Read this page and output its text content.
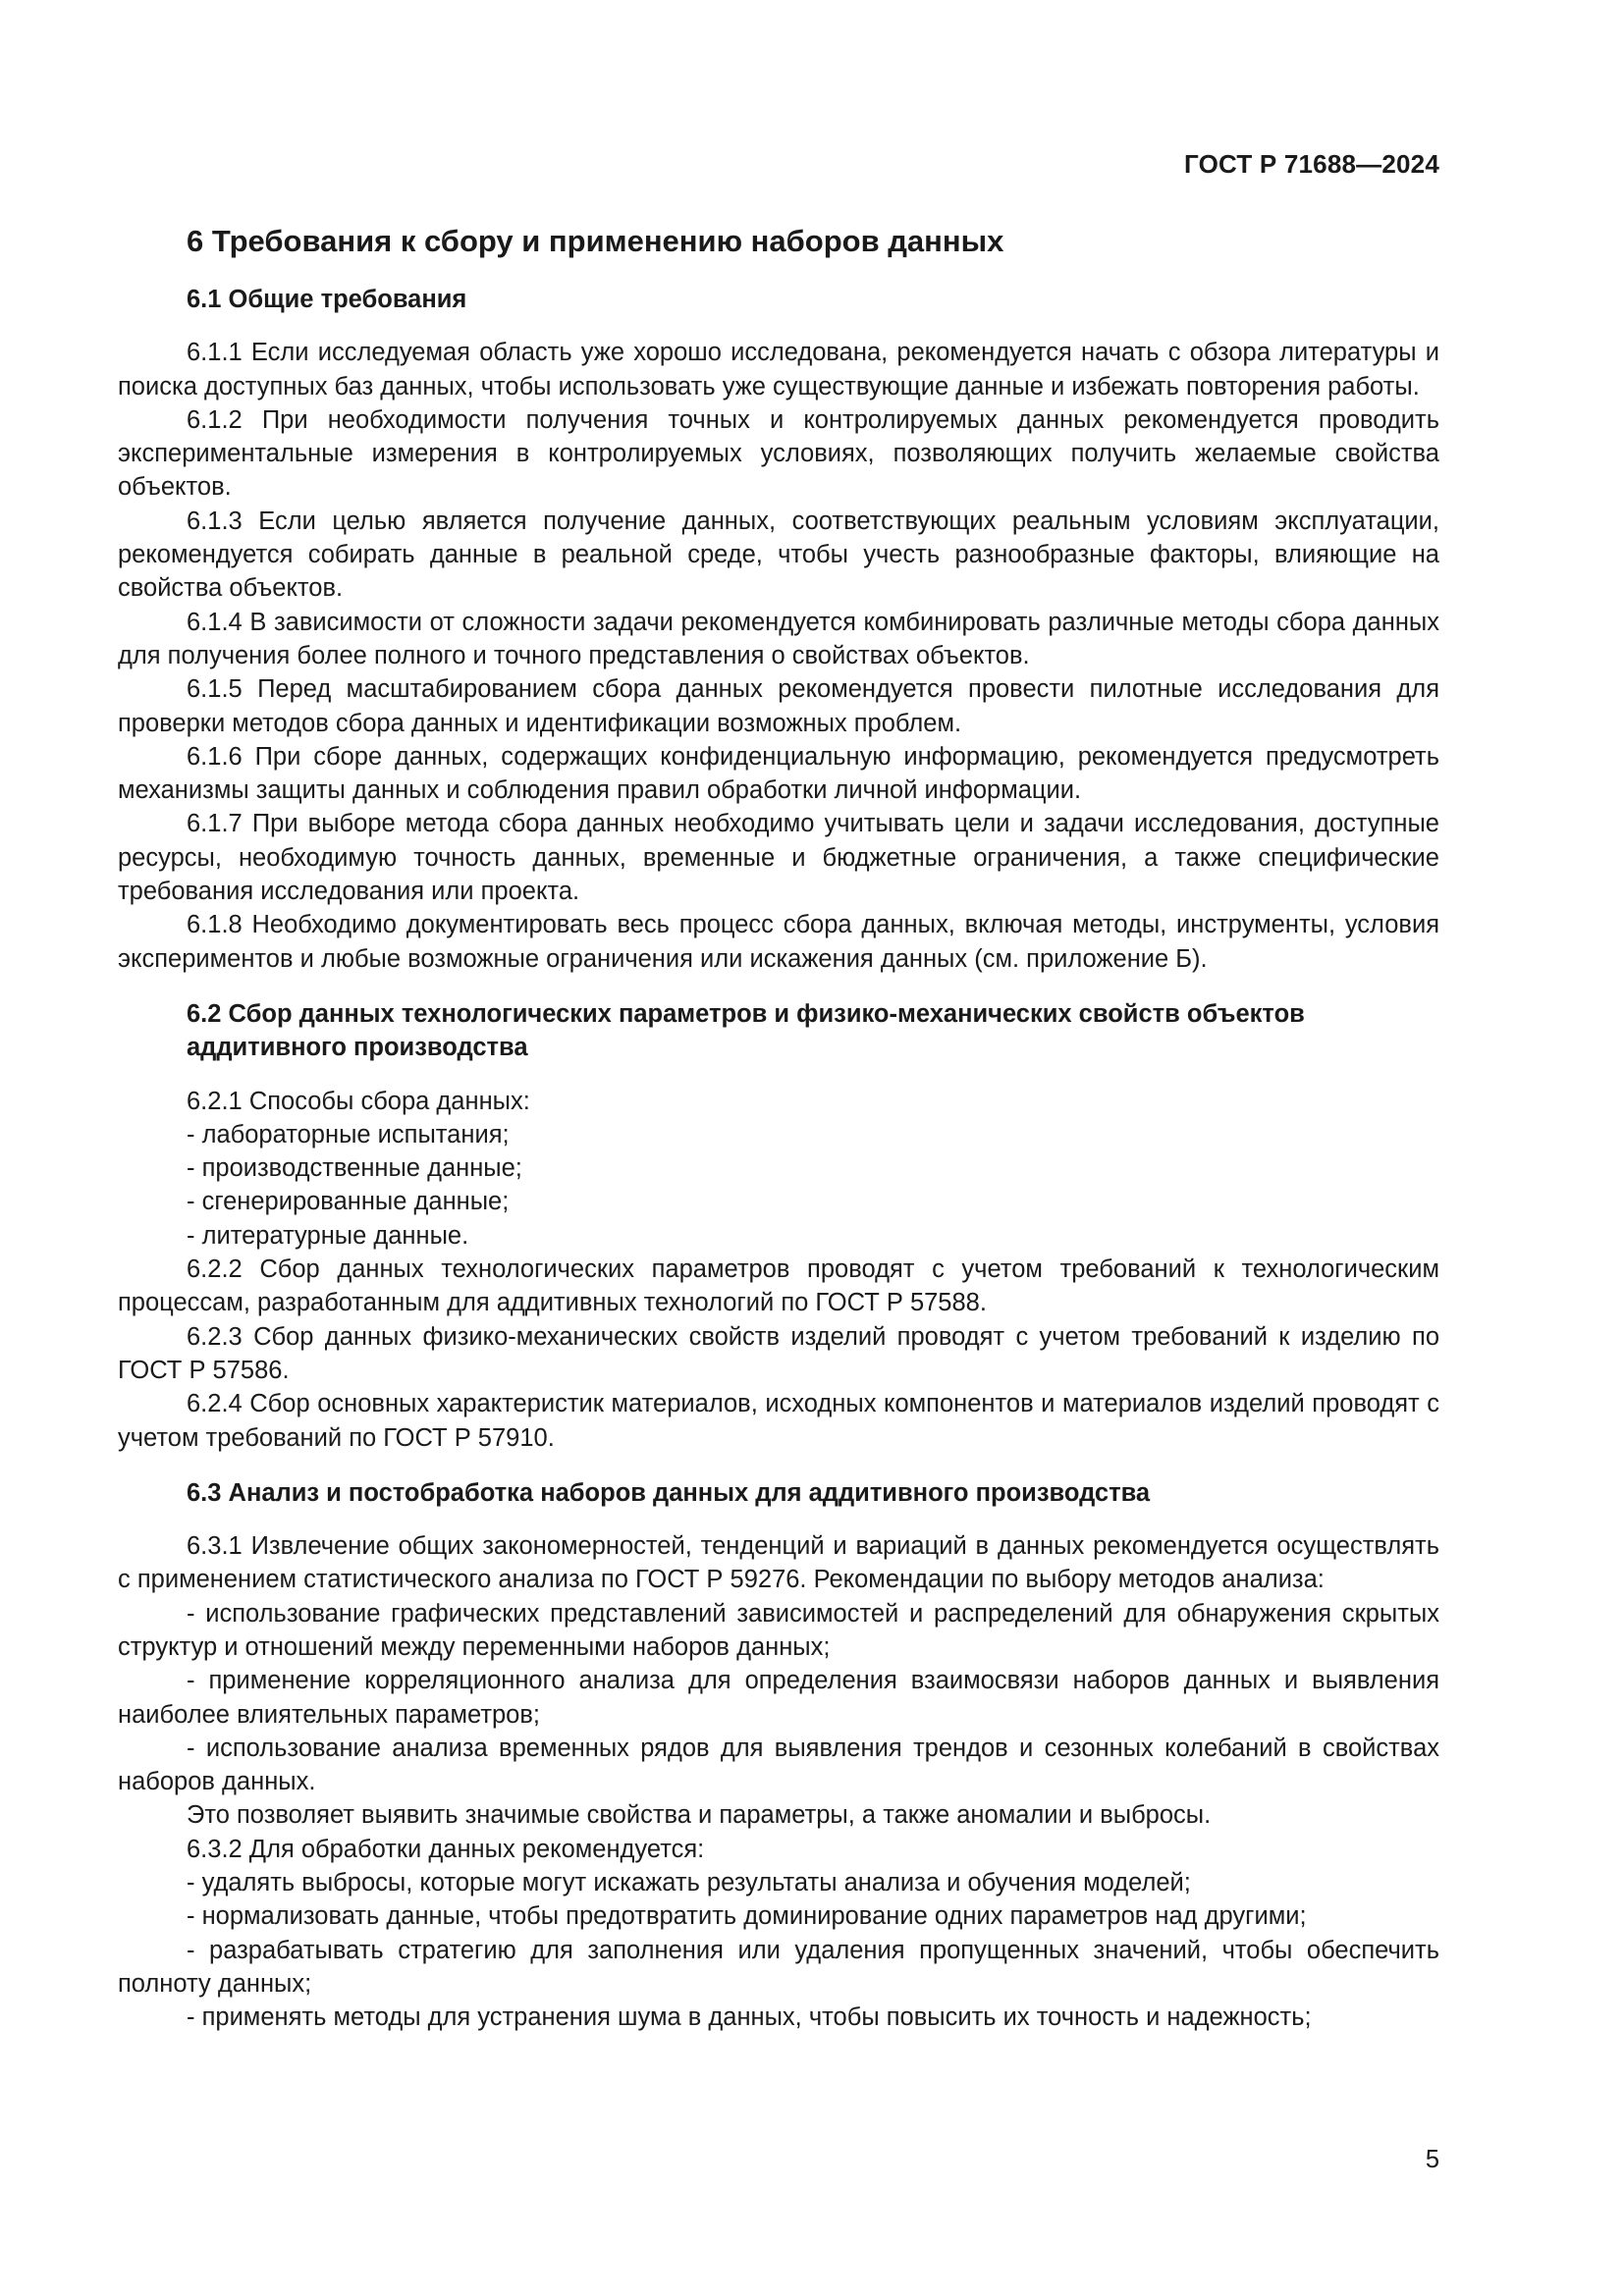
ГОСТ Р 71688—2024
6 Требования к сбору и применению наборов данных
6.1 Общие требования

6.1.1 Если исследуемая область уже хорошо исследована, рекомендуется начать с обзора литературы и поиска доступных баз данных, чтобы использовать уже существующие данные и избежать повторения работы.

6.1.2 При необходимости получения точных и контролируемых данных рекомендуется проводить экспериментальные измерения в контролируемых условиях, позволяющих получить желаемые свойства объектов.

6.1.3 Если целью является получение данных, соответствующих реальным условиям эксплуатации, рекомендуется собирать данные в реальной среде, чтобы учесть разнообразные факторы, влияющие на свойства объектов.

6.1.4 В зависимости от сложности задачи рекомендуется комбинировать различные методы сбора данных для получения более полного и точного представления о свойствах объектов.

6.1.5 Перед масштабированием сбора данных рекомендуется провести пилотные исследования для проверки методов сбора данных и идентификации возможных проблем.

6.1.6 При сборе данных, содержащих конфиденциальную информацию, рекомендуется предусмотреть механизмы защиты данных и соблюдения правил обработки личной информации.

6.1.7 При выборе метода сбора данных необходимо учитывать цели и задачи исследования, доступные ресурсы, необходимую точность данных, временные и бюджетные ограничения, а также специфические требования исследования или проекта.

6.1.8 Необходимо документировать весь процесс сбора данных, включая методы, инструменты, условия экспериментов и любые возможные ограничения или искажения данных (см. приложение Б).

6.2 Сбор данных технологических параметров и физико-механических свойств объектов аддитивного производства

6.2.1 Способы сбора данных:

- лабораторные испытания;

- производственные данные;

- сгенерированные данные;

- литературные данные.

6.2.2 Сбор данных технологических параметров проводят с учетом требований к технологическим процессам, разработанным для аддитивных технологий по ГОСТ Р 57588.

6.2.3 Сбор данных физико-механических свойств изделий проводят с учетом требований к изделию по ГОСТ Р 57586.

6.2.4 Сбор основных характеристик материалов, исходных компонентов и материалов изделий проводят с учетом требований по ГОСТ Р 57910.

6.3 Анализ и постобработка наборов данных для аддитивного производства

6.3.1 Извлечение общих закономерностей, тенденций и вариаций в данных рекомендуется осуществлять с применением статистического анализа по ГОСТ Р 59276. Рекомендации по выбору методов анализа:

- использование графических представлений зависимостей и распределений для обнаружения скрытых структур и отношений между переменными наборов данных;

- применение корреляционного анализа для определения взаимосвязи наборов данных и выявления наиболее влиятельных параметров;

- использование анализа временных рядов для выявления трендов и сезонных колебаний в свойствах наборов данных.

Это позволяет выявить значимые свойства и параметры, а также аномалии и выбросы.

6.3.2 Для обработки данных рекомендуется:

- удалять выбросы, которые могут искажать результаты анализа и обучения моделей;

- нормализовать данные, чтобы предотвратить доминирование одних параметров над другими;

- разрабатывать стратегию для заполнения или удаления пропущенных значений, чтобы обеспечить полноту данных;

- применять методы для устранения шума в данных, чтобы повысить их точность и надежность;

5
